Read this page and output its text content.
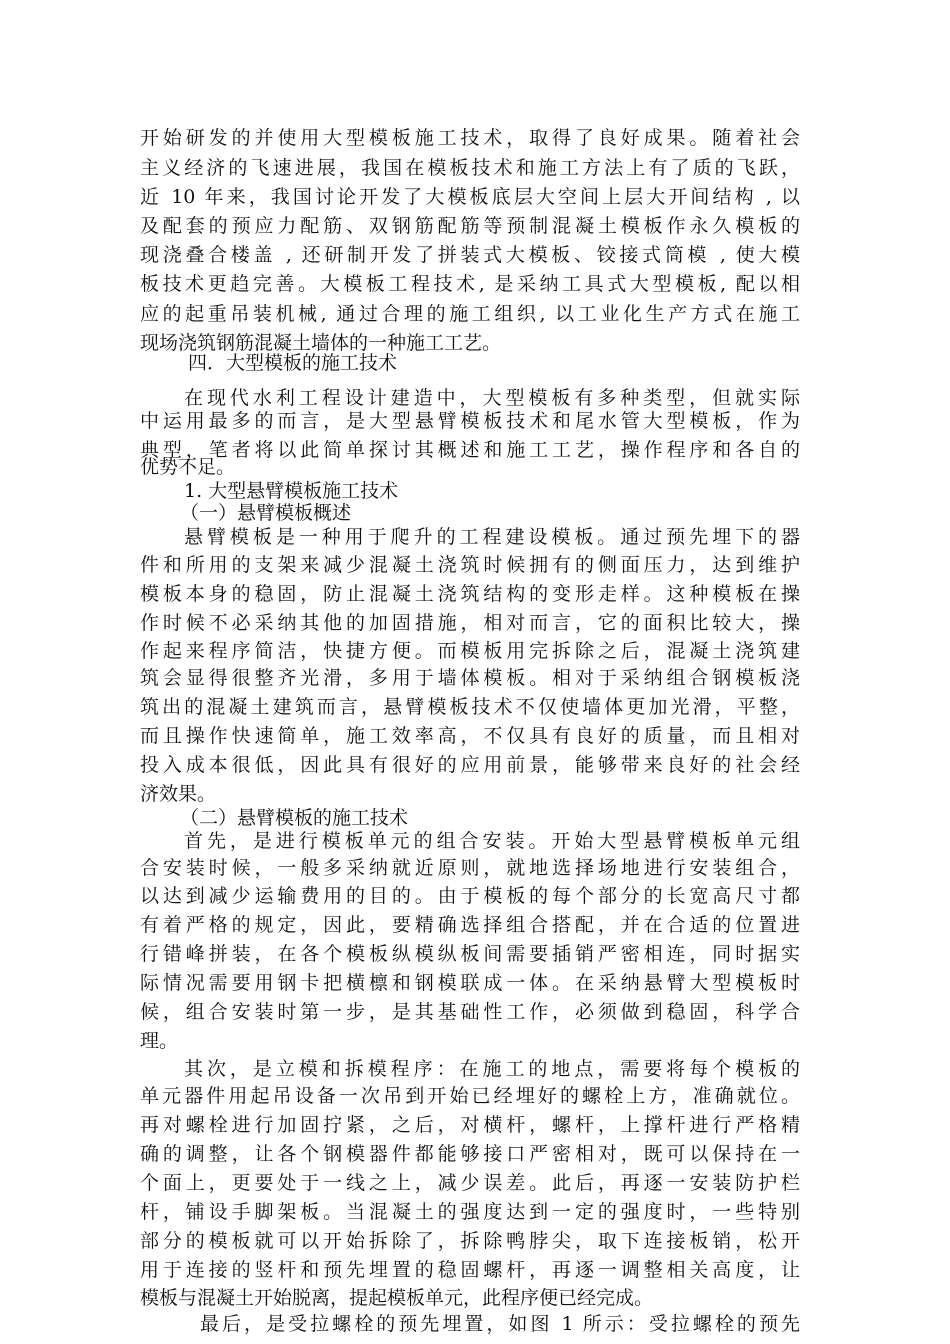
开始研发的并使用大型模板施工技术，取得了良好成果。随着社会
主义经济的飞速进展，我国在模板技术和施工方法上有了质的飞跃，
近 10 年来，我国讨论开发了大模板底层大空间上层大开间结构 , 以
及配套的预应力配筋、双钢筋配筋等预制混凝土模板作永久模板的
现浇叠合楼盖 , 还研制开发了拼装式大模板、铰接式筒模 , 使大模
板技术更趋完善。大模板工程技术, 是采纳工具式大型模板, 配以相
应的起重吊装机械, 通过合理的施工组织, 以工业化生产方式在施工
现场浇筑钢筋混凝土墙体的一种施工工艺。
四．大型模板的施工技术
在现代水利工程设计建造中，大型模板有多种类型，但就实际
中运用最多的而言，是大型悬臂模板技术和尾水管大型模板，作为
典型，笔者将以此简单探讨其概述和施工工艺，操作程序和各自的
优势不足。
1. 大型悬臂模板施工技术
（一）悬臂模板概述
悬臂模板是一种用于爬升的工程建设模板。通过预先埋下的器
件和所用的支架来减少混凝土浇筑时候拥有的侧面压力，达到维护
模板本身的稳固，防止混凝土浇筑结构的变形走样。这种模板在操
作时候不必采纳其他的加固措施，相对而言，它的面积比较大，操
作起来程序简洁，快捷方便。而模板用完拆除之后，混凝土浇筑建
筑会显得很整齐光滑，多用于墙体模板。相对于采纳组合钢模板浇
筑出的混凝土建筑而言，悬臂模板技术不仅使墙体更加光滑，平整，
而且操作快速简单，施工效率高，不仅具有良好的质量，而且相对
投入成本很低，因此具有很好的应用前景，能够带来良好的社会经
济效果。
（二）悬臂模板的施工技术
首先，是进行模板单元的组合安装。开始大型悬臂模板单元组
合安装时候，一般多采纳就近原则，就地选择场地进行安装组合，
以达到减少运输费用的目的。由于模板的每个部分的长宽高尺寸都
有着严格的规定，因此，要精确选择组合搭配，并在合适的位置进
行错峰拼装，在各个模板纵模纵板间需要插销严密相连，同时据实
际情况需要用钢卡把横檩和钢模联成一体。在采纳悬臂大型模板时
候，组合安装时第一步，是其基础性工作，必须做到稳固，科学合
理。
其次，是立模和拆模程序：在施工的地点，需要将每个模板的
单元器件用起吊设备一次吊到开始已经埋好的螺栓上方，准确就位。
再对螺栓进行加固拧紧，之后，对横杆，螺杆，上撑杆进行严格精
确的调整，让各个钢模器件都能够接口严密相对，既可以保持在一
个面上，更要处于一线之上，减少误差。此后，再逐一安装防护栏
杆，铺设手脚架板。当混凝土的强度达到一定的强度时，一些特别
部分的模板就可以开始拆除了，拆除鸭脖尖，取下连接板销，松开
用于连接的竖杆和预先埋置的稳固螺杆，再逐一调整相关高度，让
模板与混凝土开始脱离，提起模板单元，此程序便已经完成。
最后，是受拉螺栓的预先埋置，如图 1 所示：受拉螺栓的预先
